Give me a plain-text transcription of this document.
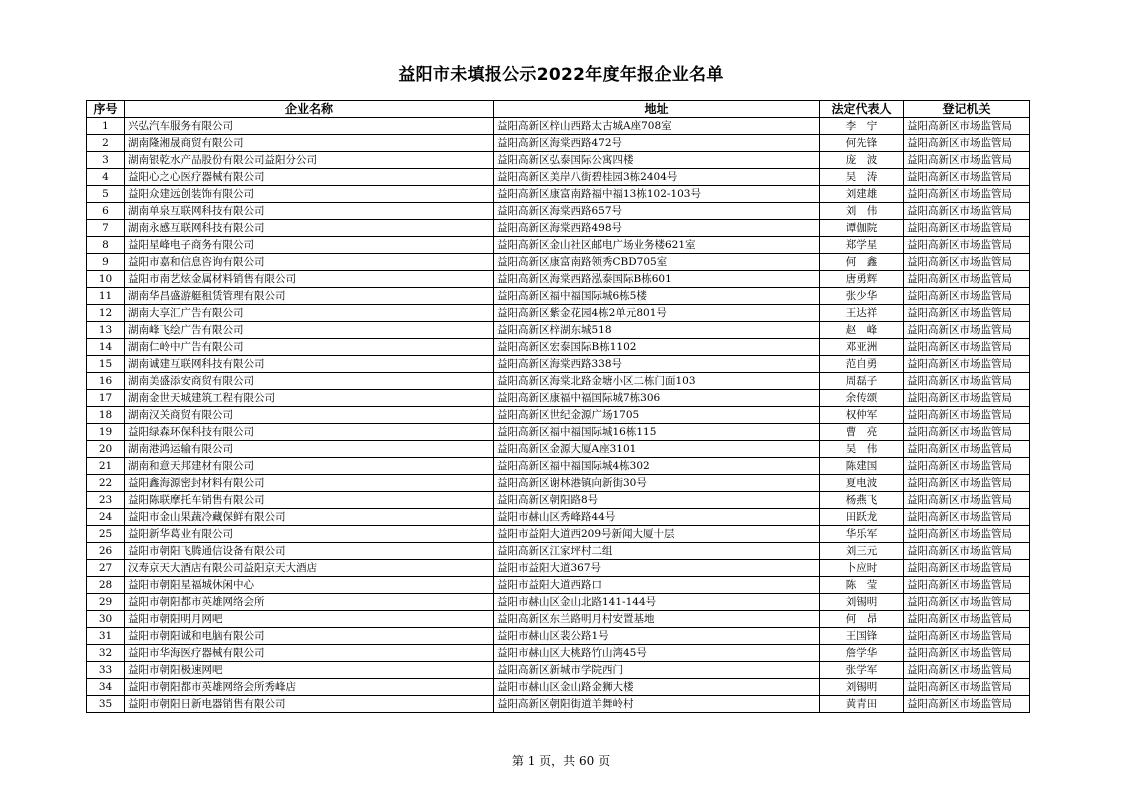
益阳市未填报公示2022年度年报企业名单
序号	企业名称	地址	法定代表人	登记机关
1	兴弘汽车服务有限公司	益阳高新区梓山西路太古城A座708室	李　宁	益阳高新区市场监管局
2	湖南隆湘晟商贸有限公司	益阳高新区海棠西路472号	何先锋	益阳高新区市场监管局
3	湖南银乾水产品股份有限公司益阳分公司	益阳高新区弘泰国际公寓四楼	庞　波	益阳高新区市场监管局
4	益阳心之心医疗器械有限公司	益阳高新区美岸八街碧桂园3栋2404号	吴　涛	益阳高新区市场监管局
5	益阳众建远创装饰有限公司	益阳高新区康富南路福中福13栋102-103号	刘建雄	益阳高新区市场监管局
6	湖南单泉互联网科技有限公司	益阳高新区海棠西路657号	刘　伟	益阳高新区市场监管局
7	湖南永感互联网科技有限公司	益阳高新区海棠西路498号	谭伽院	益阳高新区市场监管局
8	益阳星峰电子商务有限公司	益阳高新区金山社区邮电广场业务楼621室	郑学星	益阳高新区市场监管局
9	益阳市嘉和信息咨询有限公司	益阳高新区康富南路领秀CBD705室	何　鑫	益阳高新区市场监管局
10	益阳市南艺炫金属材料销售有限公司	益阳高新区海棠西路泓泰国际B栋601	唐勇辉	益阳高新区市场监管局
11	湖南华昌盛游艇租赁管理有限公司	益阳高新区福中福国际城6栋5楼	张少华	益阳高新区市场监管局
12	湖南大享汇广告有限公司	益阳高新区紫金花园4栋2单元801号	王达祥	益阳高新区市场监管局
13	湖南峰飞绘广告有限公司	益阳高新区梓湖东城518	赵　峰	益阳高新区市场监管局
14	湖南仁岭中广告有限公司	益阳高新区宏泰国际B栋1102	邓亚洲	益阳高新区市场监管局
15	湖南诚建互联网科技有限公司	益阳高新区海棠西路338号	范自勇	益阳高新区市场监管局
16	湖南美盛添安商贸有限公司	益阳高新区海棠北路金塘小区二栋门面103	周磊子	益阳高新区市场监管局
17	湖南金世天城建筑工程有限公司	益阳高新区康福中福国际城7栋306	余传颂	益阳高新区市场监管局
18	湖南汉关商贸有限公司	益阳高新区世纪金源广场1705	权仲军	益阳高新区市场监管局
19	益阳绿森环保科技有限公司	益阳高新区福中福国际城16栋115	曹　亮	益阳高新区市场监管局
20	湖南港鸿运输有限公司	益阳高新区金源大厦A座3101	吴　伟	益阳高新区市场监管局
21	湖南和意天邦建材有限公司	益阳高新区福中福国际城4栋302	陈建国	益阳高新区市场监管局
22	益阳鑫海源密封材料有限公司	益阳高新区谢林港镇向新街30号	夏电波	益阳高新区市场监管局
23	益阳陈联摩托车销售有限公司	益阳高新区朝阳路8号	杨燕飞	益阳高新区市场监管局
24	益阳市金山果蔬冷藏保鲜有限公司	益阳市赫山区秀峰路44号	田跃龙	益阳高新区市场监管局
25	益阳新华葛业有限公司	益阳市益阳大道西209号新闻大厦十层	华乐军	益阳高新区市场监管局
26	益阳市朝阳飞腾通信设备有限公司	益阳高新区江家坪村二组	刘三元	益阳高新区市场监管局
27	汉寿京天大酒店有限公司益阳京天大酒店	益阳市益阳大道367号	卜应时	益阳高新区市场监管局
28	益阳市朝阳星福城休闲中心	益阳市益阳大道西路口	陈　莹	益阳高新区市场监管局
29	益阳市朝阳都市英雄网络会所	益阳市赫山区金山北路141-144号	刘锡明	益阳高新区市场监管局
30	益阳市朝阳明月网吧	益阳高新区东兰路明月村安置基地	何　昂	益阳高新区市场监管局
31	益阳市朝阳诚和电脑有限公司	益阳市赫山区裴公路1号	王国锋	益阳高新区市场监管局
32	益阳市华海医疗器械有限公司	益阳市赫山区大桃路竹山湾45号	詹学华	益阳高新区市场监管局
33	益阳市朝阳极速网吧	益阳高新区新城市学院西门	张学军	益阳高新区市场监管局
34	益阳市朝阳都市英雄网络会所秀峰店	益阳市赫山区金山路金狮大楼	刘锡明	益阳高新区市场监管局
35	益阳市朝阳日新电器销售有限公司	益阳高新区朝阳街道羊舞岭村	黄青田	益阳高新区市场监管局
第 1 页，共 60 页
